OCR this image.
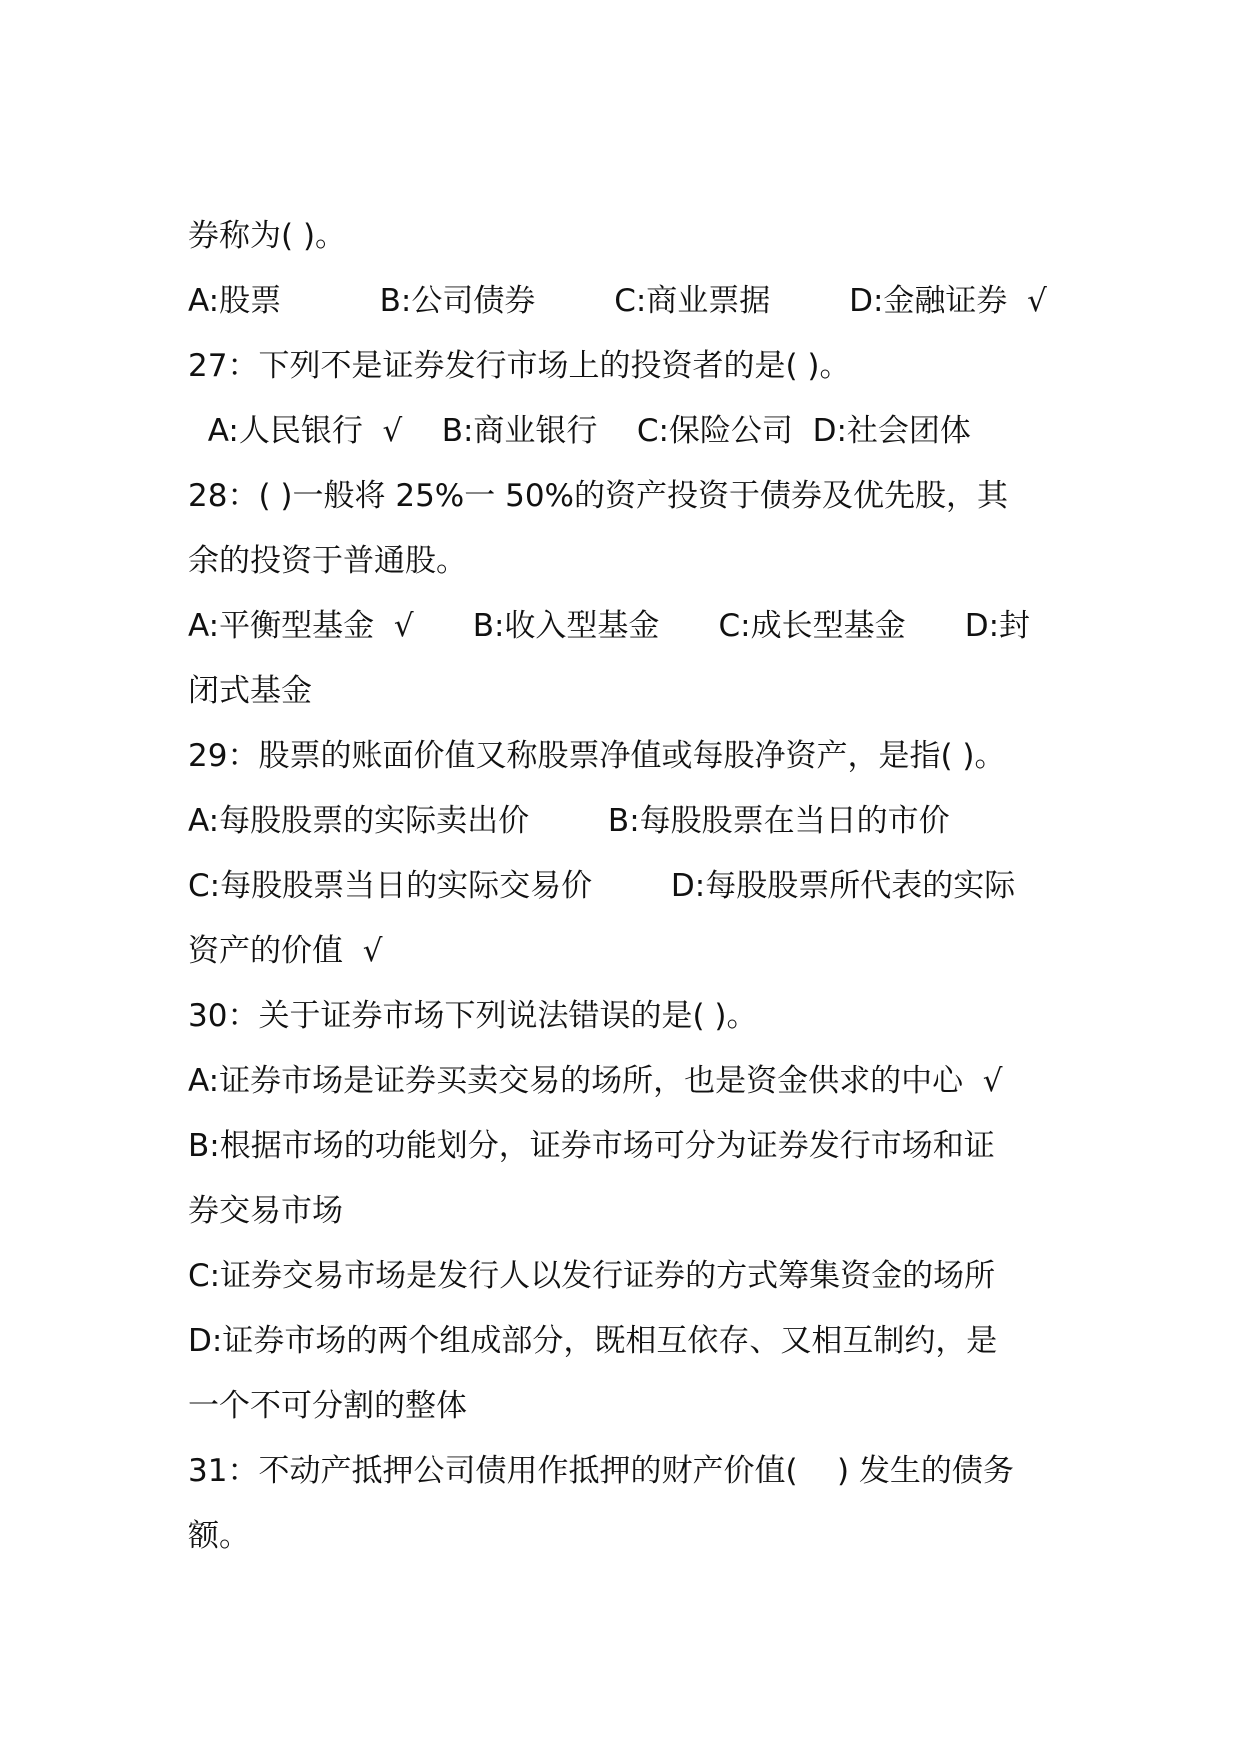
券称为( )。
A:股票          B:公司债券        C:商业票据        D:金融证券  √
27：下列不是证券发行市场上的投资者的是( )。
A:人民银行  √    B:商业银行    C:保险公司  D:社会团体
28：( )一般将 25%一 50%的资产投资于债券及优先股，其
余的投资于普通股。
A:平衡型基金  √      B:收入型基金      C:成长型基金      D:封
闭式基金
29：股票的账面价值又称股票净值或每股净资产，是指( )。
A:每股股票的实际卖出价        B:每股股票在当日的市价
C:每股股票当日的实际交易价        D:每股股票所代表的实际
资产的价值  √
30：关于证券市场下列说法错误的是( )。
A:证券市场是证券买卖交易的场所，也是资金供求的中心  √
B:根据市场的功能划分，证券市场可分为证券发行市场和证
券交易市场
C:证券交易市场是发行人以发行证券的方式筹集资金的场所
D:证券市场的两个组成部分，既相互依存、又相互制约，是
一个不可分割的整体
31：不动产抵押公司债用作抵押的财产价值(    ) 发生的债务
额。
